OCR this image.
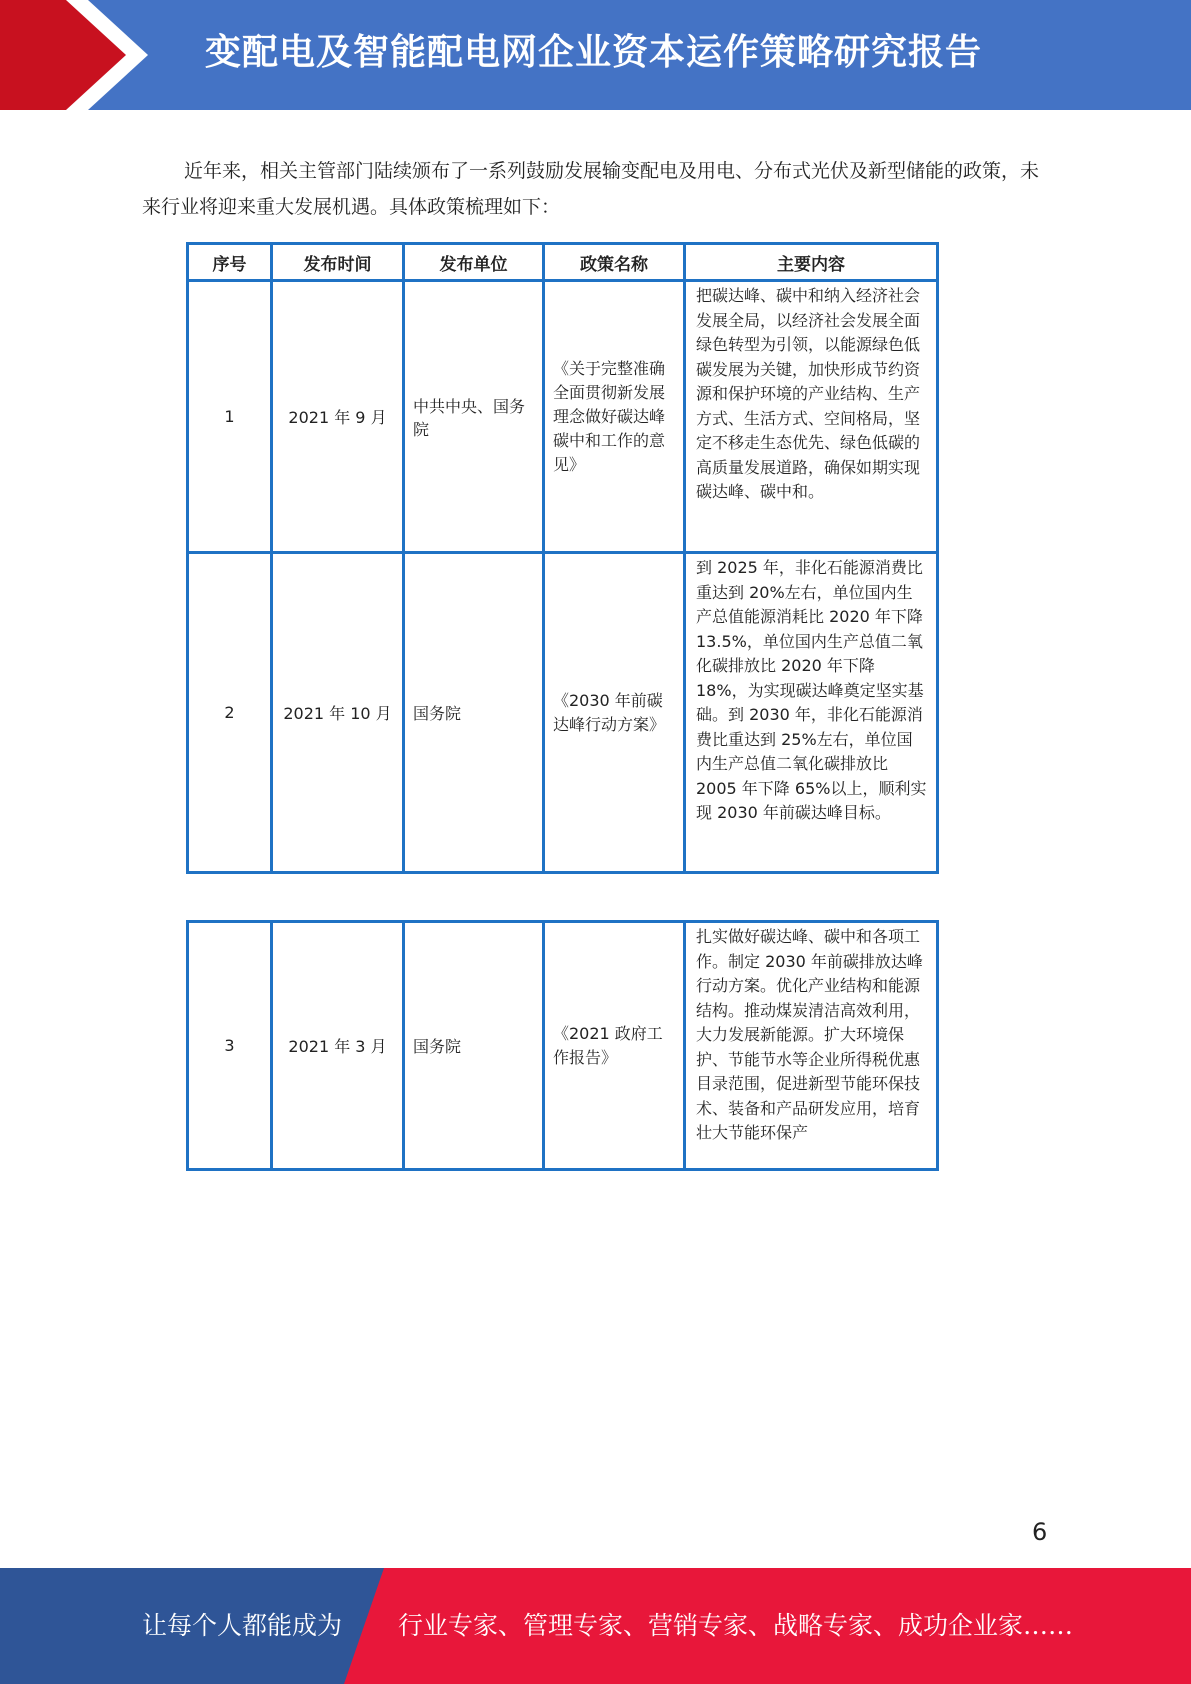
变配电及智能配电网企业资本运作策略研究报告

近年来，相关主管部门陆续颁布了一系列鼓励发展输变配电及用电、分布式光伏及新型储能的政策，未来行业将迎来重大发展机遇。具体政策梳理如下：

序号	发布时间	发布单位	政策名称	主要内容
1	2021 年 9 月	中共中央、国务院	《关于完整准确全面贯彻新发展理念做好碳达峰碳中和工作的意见》	把碳达峰、碳中和纳入经济社会发展全局，以经济社会发展全面绿色转型为引领，以能源绿色低碳发展为关键，加快形成节约资源和保护环境的产业结构、生产方式、生活方式、空间格局，坚定不移走生态优先、绿色低碳的高质量发展道路，确保如期实现碳达峰、碳中和。
2	2021 年 10 月	国务院	《2030 年前碳达峰行动方案》	到 2025 年，非化石能源消费比重达到 20%左右，单位国内生产总值能源消耗比 2020 年下降 13.5%，单位国内生产总值二氧化碳排放比 2020 年下降 18%，为实现碳达峰奠定坚实基础。到 2030 年，非化石能源消费比重达到 25%左右，单位国内生产总值二氧化碳排放比 2005 年下降 65%以上，顺利实现 2030 年前碳达峰目标。
3	2021 年 3 月	国务院	《2021 政府工作报告》	扎实做好碳达峰、碳中和各项工作。制定 2030 年前碳排放达峰行动方案。优化产业结构和能源结构。推动煤炭清洁高效利用，大力发展新能源。扩大环境保护、节能节水等企业所得税优惠目录范围，促进新型节能环保技术、装备和产品研发应用，培育壮大节能环保产
6
让每个人都能成为 行业专家、管理专家、营销专家、战略专家、成功企业家……
